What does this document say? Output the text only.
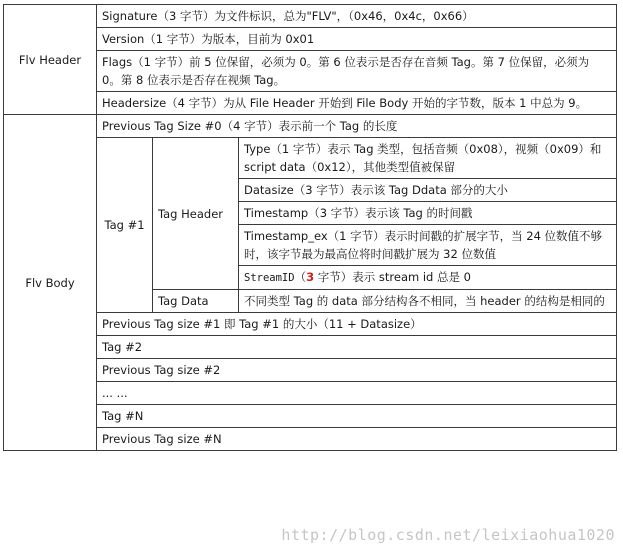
Flv Header	Signature（3 字节）为文件标识，总为"FLV"，（0x46，0x4c，0x66）		
	Version（1 字节）为版本，目前为 0x01		
	Flags（1 字节）前 5 位保留，必须为 0。第 6 位表示是否存在音频 Tag。第 7 位保留，必须为 0。第 8 位表示是否存在视频 Tag。		
	Headersize（4 字节）为从 File Header 开始到 File Body 开始的字节数，版本 1 中总为 9。		
Flv Body	Previous Tag Size #0（4 字节）表示前一个 Tag 的长度		
	Tag #1	Tag Header	Type（1 字节）表示 Tag 类型，包括音频（0x08），视频（0x09）和 script data（0x12），其他类型值被保留
			Datasize（3 字节）表示该 Tag Ddata 部分的大小
			Timestamp（3 字节）表示该 Tag 的时间戳
			Timestamp_ex（1 字节）表示时间戳的扩展字节，当 24 位数值不够时，该字节最为最高位将时间戳扩展为 32 位数值
			StreamID（3 字节）表示 stream id 总是 0
		Tag Data	不同类型 Tag 的 data 部分结构各不相同，当 header 的结构是相同的
	Previous Tag size #1 即 Tag #1 的大小（11 + Datasize）		
	Tag #2		
	Previous Tag size #2		
	... ...		
	Tag #N		
	Previous Tag size #N		
http://blog.csdn.net/leixiaohua1020
